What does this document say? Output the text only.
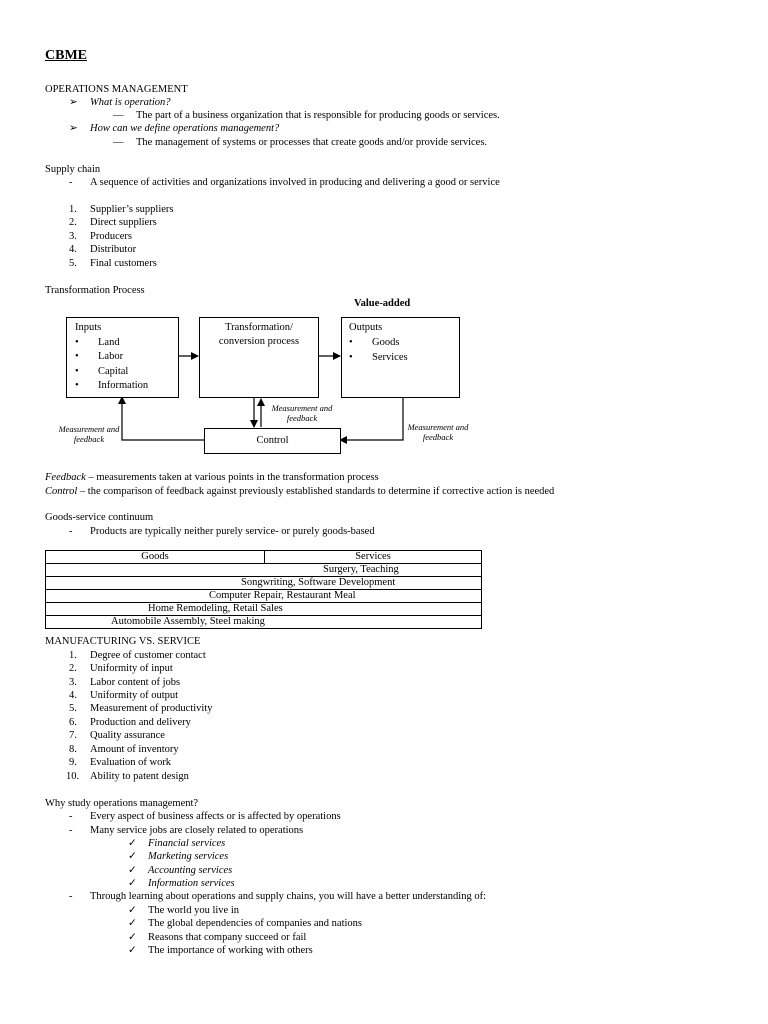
CBME
OPERATIONS MANAGEMENT
➢ What is operation?
— The part of a business organization that is responsible for producing goods or services.
➢ How can we define operations management?
— The management of systems or processes that create goods and/or provide services.
Supply chain
- A sequence of activities and organizations involved in producing and delivering a good or service
1. Supplier’s suppliers
2. Direct suppliers
3. Producers
4. Distributor
5. Final customers
Transformation Process
Value-added
Inputs
• Land
• Labor
• Capital
• Information
Transformation/
conversion process
Outputs
• Goods
• Services
Control
Measurement and
feedback
Measurement and
feedback
Measurement and
feedback
Feedback – measurements taken at various points in the transformation process
Control – the comparison of feedback against previously established standards to determine if corrective action is needed
Goods-service continuum
- Products are typically neither purely service- or purely goods-based
Goods	Services
Surgery, Teaching
Songwriting, Software Development
Computer Repair, Restaurant Meal
Home Remodeling, Retail Sales
Automobile Assembly, Steel making
MANUFACTURING VS. SERVICE
1. Degree of customer contact
2. Uniformity of input
3. Labor content of jobs
4. Uniformity of output
5. Measurement of productivity
6. Production and delivery
7. Quality assurance
8. Amount of inventory
9. Evaluation of work
10. Ability to patent design
Why study operations management?
- Every aspect of business affects or is affected by operations
- Many service jobs are closely related to operations
✓ Financial services
✓ Marketing services
✓ Accounting services
✓ Information services
- Through learning about operations and supply chains, you will have a better understanding of:
✓ The world you live in
✓ The global dependencies of companies and nations
✓ Reasons that company succeed or fail
✓ The importance of working with others
